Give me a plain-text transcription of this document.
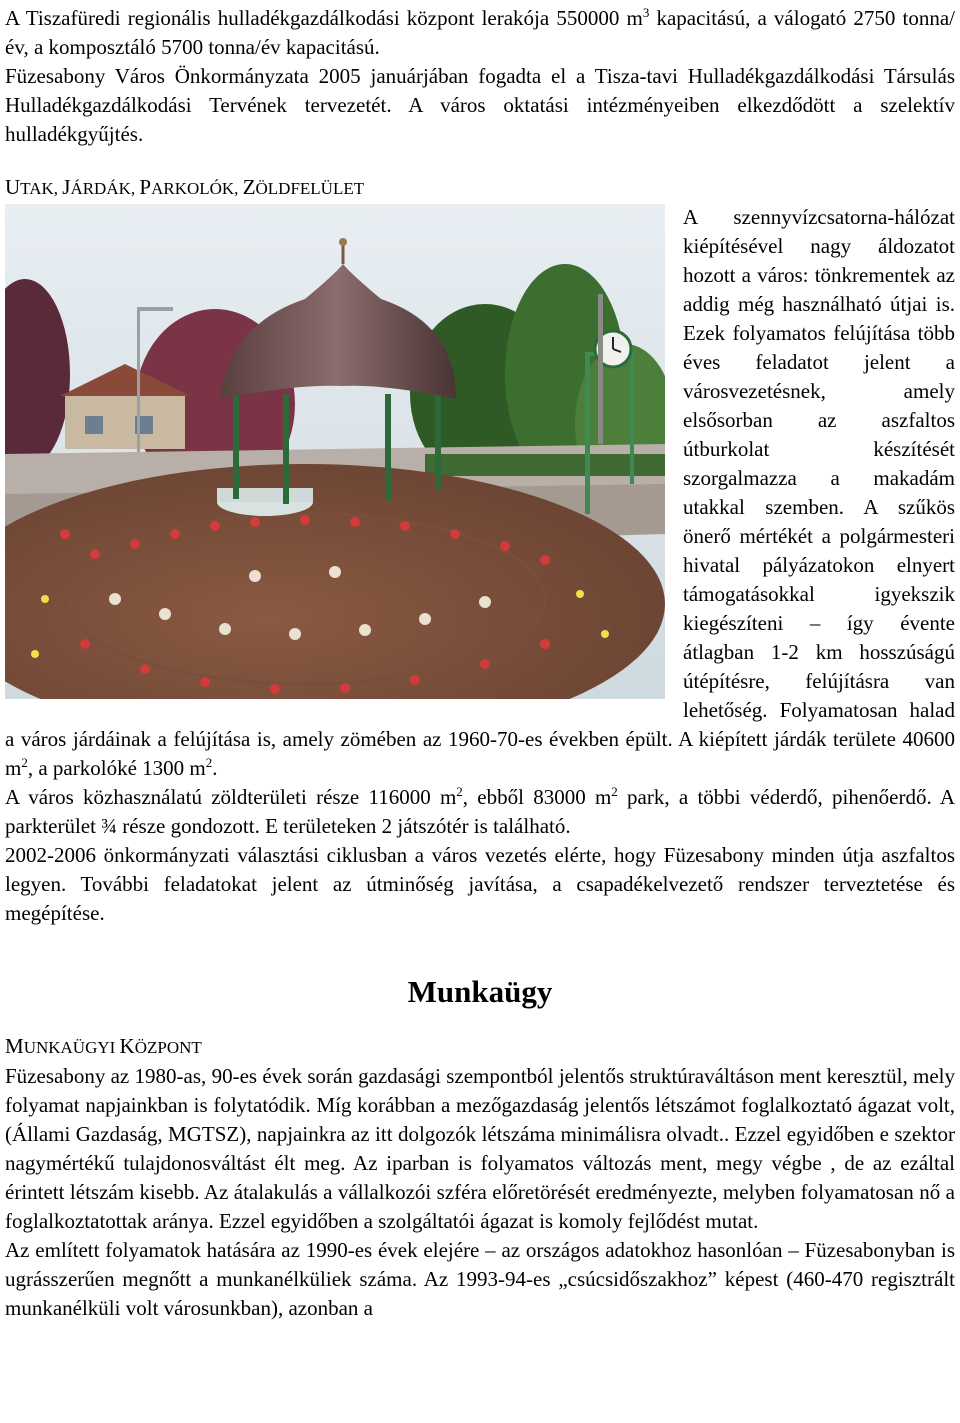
A Tiszafüredi regionális hulladékgazdálkodási központ lerakója 550000 $m^3$ kapacitású, a válogató 2750 tonna/év, a komposztáló 5700 tonna/év kapacitású.

Füzesabony Város Önkormányzata 2005 januárjában fogadta el a Tisza-tavi Hulladékgazdálkodási Társulás Hulladékgazdálkodási Tervének tervezetét. A város oktatási intézményeiben elkezdődött a szelektív hulladékgyűjtés.

UTAK, JÁRDÁK, PARKOLÓK, ZÖLDFELÜLET

A szennyvízcsatorna-hálózat kiépítésével nagy áldozatot hozott a város: tönkrementek az addig még használható útjai is. Ezek folyamatos felújítása több éves feladatot jelent a városvezetésnek, amely elsősorban az aszfaltos útburkolat készítését szorgalmazza a makadám utakkal szemben. A szűkös önerő mértékét a polgármesteri hivatal pályázatokon elnyert támogatásokkal igyekszik kiegészíteni – így évente átlagban 1-2 km hosszúságú útépítésre, felújításra van lehetőség. Folyamatosan halad a város járdáinak a felújítása is, amely zömében az 1960-70-es években épült. A kiépített járdák területe 40600 $m^2$, a parkolóké 1300 $m^2$.

A város közhasználatú zöldterületi része 116000 $m^2$, ebből 83000 $m^2$ park, a többi véderdő, pihenőerdő. A parkterület ¾ része gondozott. E területeken 2 játszótér is található.

2002-2006 önkormányzati választási ciklusban a város vezetés elérte, hogy Füzesabony minden útja aszfaltos legyen. További feladatokat jelent az útminőség javítása, a csapadékelvezető rendszer terveztetése és megépítése.

Munkaügy
MUNKAÜGYI KÖZPONT

Füzesabony az 1980-as, 90-es évek során gazdasági szempontból jelentős struktúraváltáson ment keresztül, mely folyamat napjainkban is folytatódik. Míg korábban a mezőgazdaság jelentős létszámot foglalkoztató ágazat volt, (Állami Gazdaság, MGTSZ), napjainkra az itt dolgozók létszáma minimálisra olvadt.. Ezzel egyidőben e szektor nagymértékű tulajdonosváltást élt meg. Az iparban is folyamatos változás ment, megy végbe , de az ezáltal érintett létszám kisebb. Az átalakulás a vállalkozói szféra előretörését eredményezte, melyben folyamatosan nő a foglalkoztatottak aránya. Ezzel egyidőben a szolgáltatói ágazat is komoly fejlődést mutat.

Az említett folyamatok hatására az 1990-es évek elejére – az országos adatokhoz hasonlóan – Füzesabonyban is ugrásszerűen megnőtt a munkanélküliek száma. Az 1993-94-es „csúcsidőszakhoz” képest (460-470 regisztrált munkanélküli volt városunkban), azonban a
